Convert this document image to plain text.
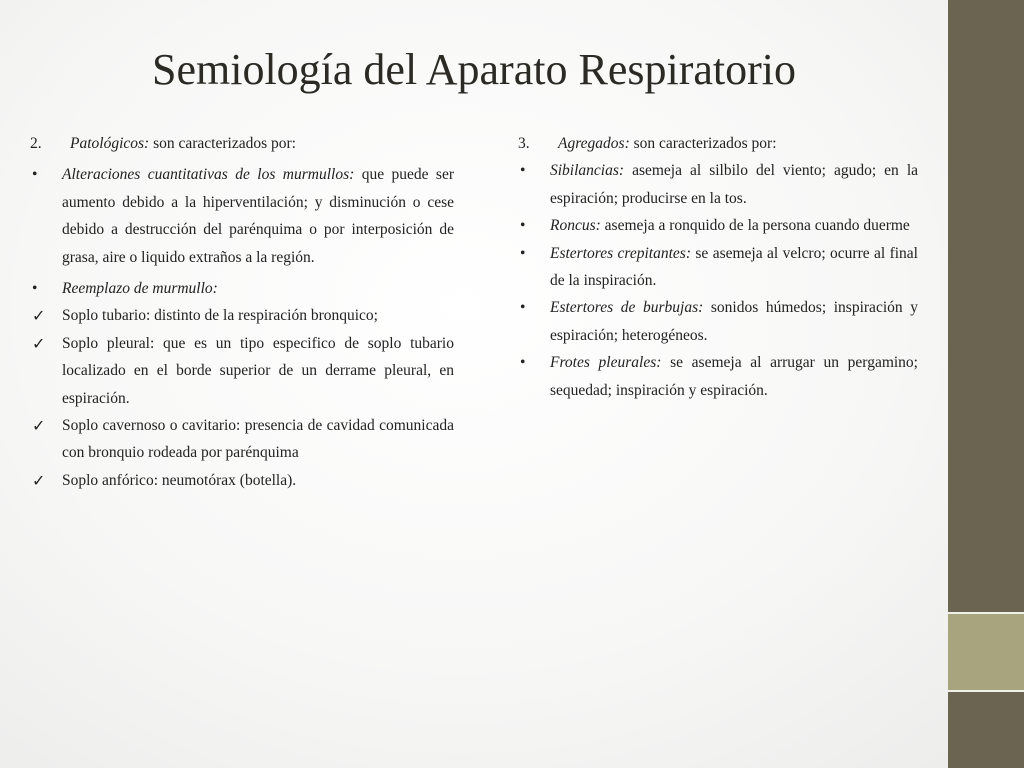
Semiología del Aparato Respiratorio
2. Patológicos: son caracterizados por:
• Alteraciones cuantitativas de los murmullos: que puede ser aumento debido a la hiperventilación; y disminución o cese debido a destrucción del parénquima o por interposición de grasa, aire o liquido extraños a la región.
• Reemplazo de murmullo:
✓ Soplo tubario: distinto de la respiración bronquico;
✓ Soplo pleural: que es un tipo especifico de soplo tubario localizado en el borde superior de un derrame pleural, en espiración.
✓ Soplo cavernoso o cavitario: presencia de cavidad comunicada con bronquio rodeada por parénquima
✓ Soplo anfórico: neumotórax (botella).
3. Agregados: son caracterizados por:
• Sibilancias: asemeja al silbilo del viento; agudo; en la espiración; producirse en la tos.
• Roncus: asemeja a ronquido de la persona cuando duerme
• Estertores crepitantes: se asemeja al velcro; ocurre al final de la inspiración.
• Estertores de burbujas: sonidos húmedos; inspiración y espiración; heterogéneos.
• Frotes pleurales: se asemeja al arrugar un pergamino; sequedad; inspiración y espiración.
